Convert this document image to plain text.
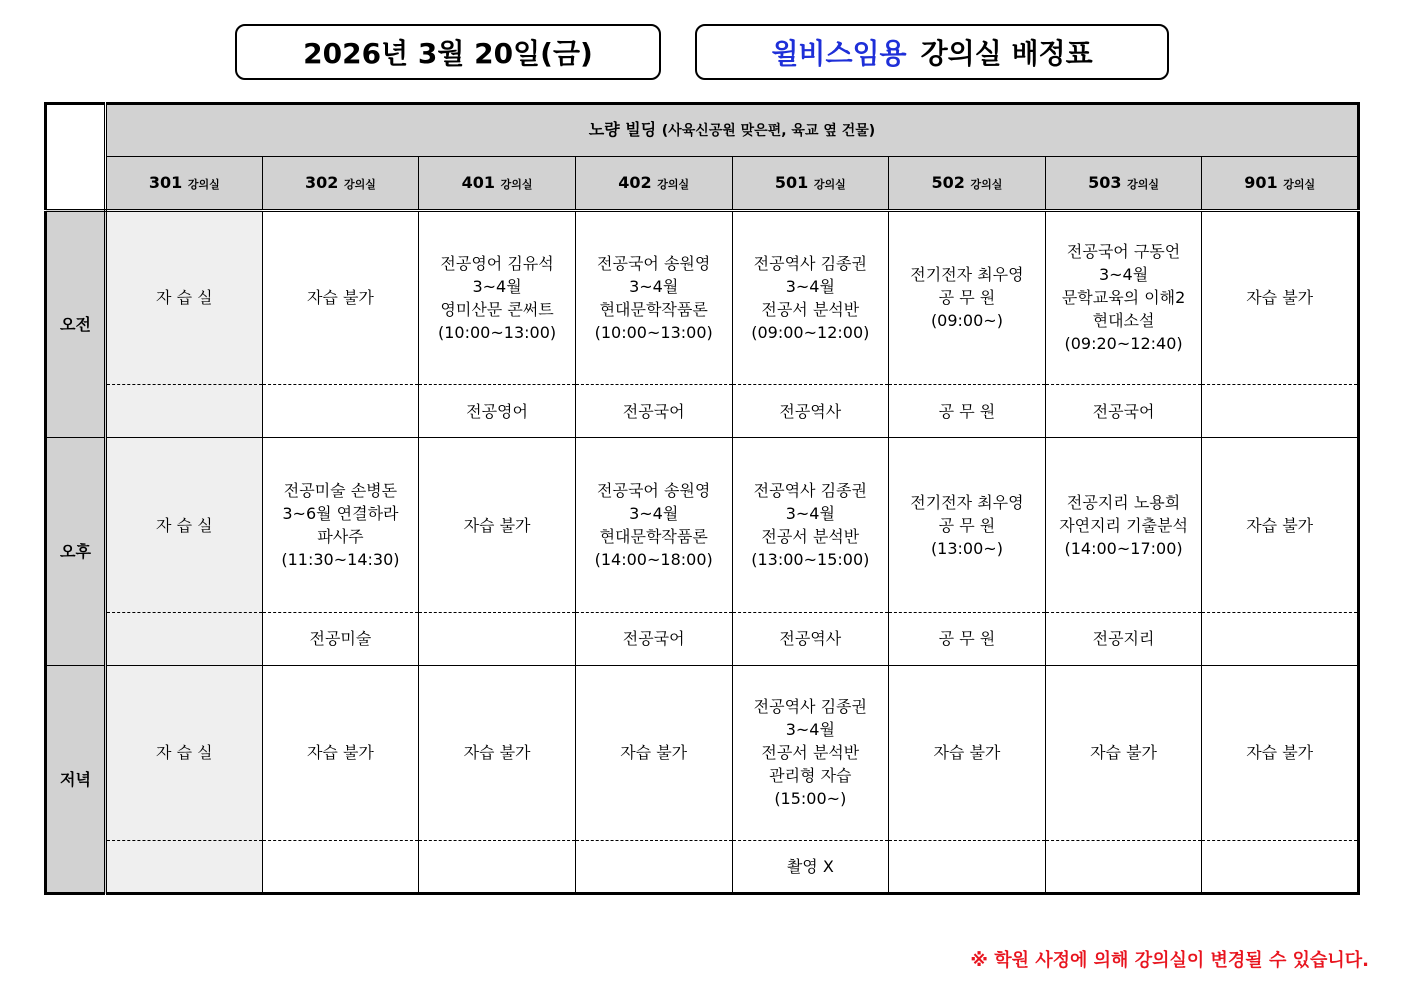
2026년 3월 20일(금)	윌비스임용 강의실 배정표
	노량 빌딩 (사육신공원 맞은편, 육교 옆 건물)							
	301 강의실	302 강의실	401 강의실	402 강의실	501 강의실	502 강의실	503 강의실	901 강의실
오전	자 습 실	자습 불가	전공영어 김유석
3~4월
영미산문 콘써트
(10:00~13:00)	전공국어 송원영
3~4월
현대문학작품론
(10:00~13:00)	전공역사 김종권
3~4월
전공서 분석반
(09:00~12:00)	전기전자 최우영
공 무 원
(09:00~)	전공국어 구동언
3~4월
문학교육의 이해2
현대소설
(09:20~12:40)	자습 불가
			전공영어	전공국어	전공역사	공 무 원	전공국어	
오후	자 습 실	전공미술 손병돈
3~6월 연결하라
파사주
(11:30~14:30)	자습 불가	전공국어 송원영
3~4월
현대문학작품론
(14:00~18:00)	전공역사 김종권
3~4월
전공서 분석반
(13:00~15:00)	전기전자 최우영
공 무 원
(13:00~)	전공지리 노용희
자연지리 기출분석
(14:00~17:00)	자습 불가
		전공미술		전공국어	전공역사	공 무 원	전공지리	
저녁	자 습 실	자습 불가	자습 불가	자습 불가	전공역사 김종권
3~4월
전공서 분석반
관리형 자습
(15:00~)	자습 불가	자습 불가	자습 불가
					촬영 X			
※ 학원 사정에 의해 강의실이 변경될 수 있습니다.
